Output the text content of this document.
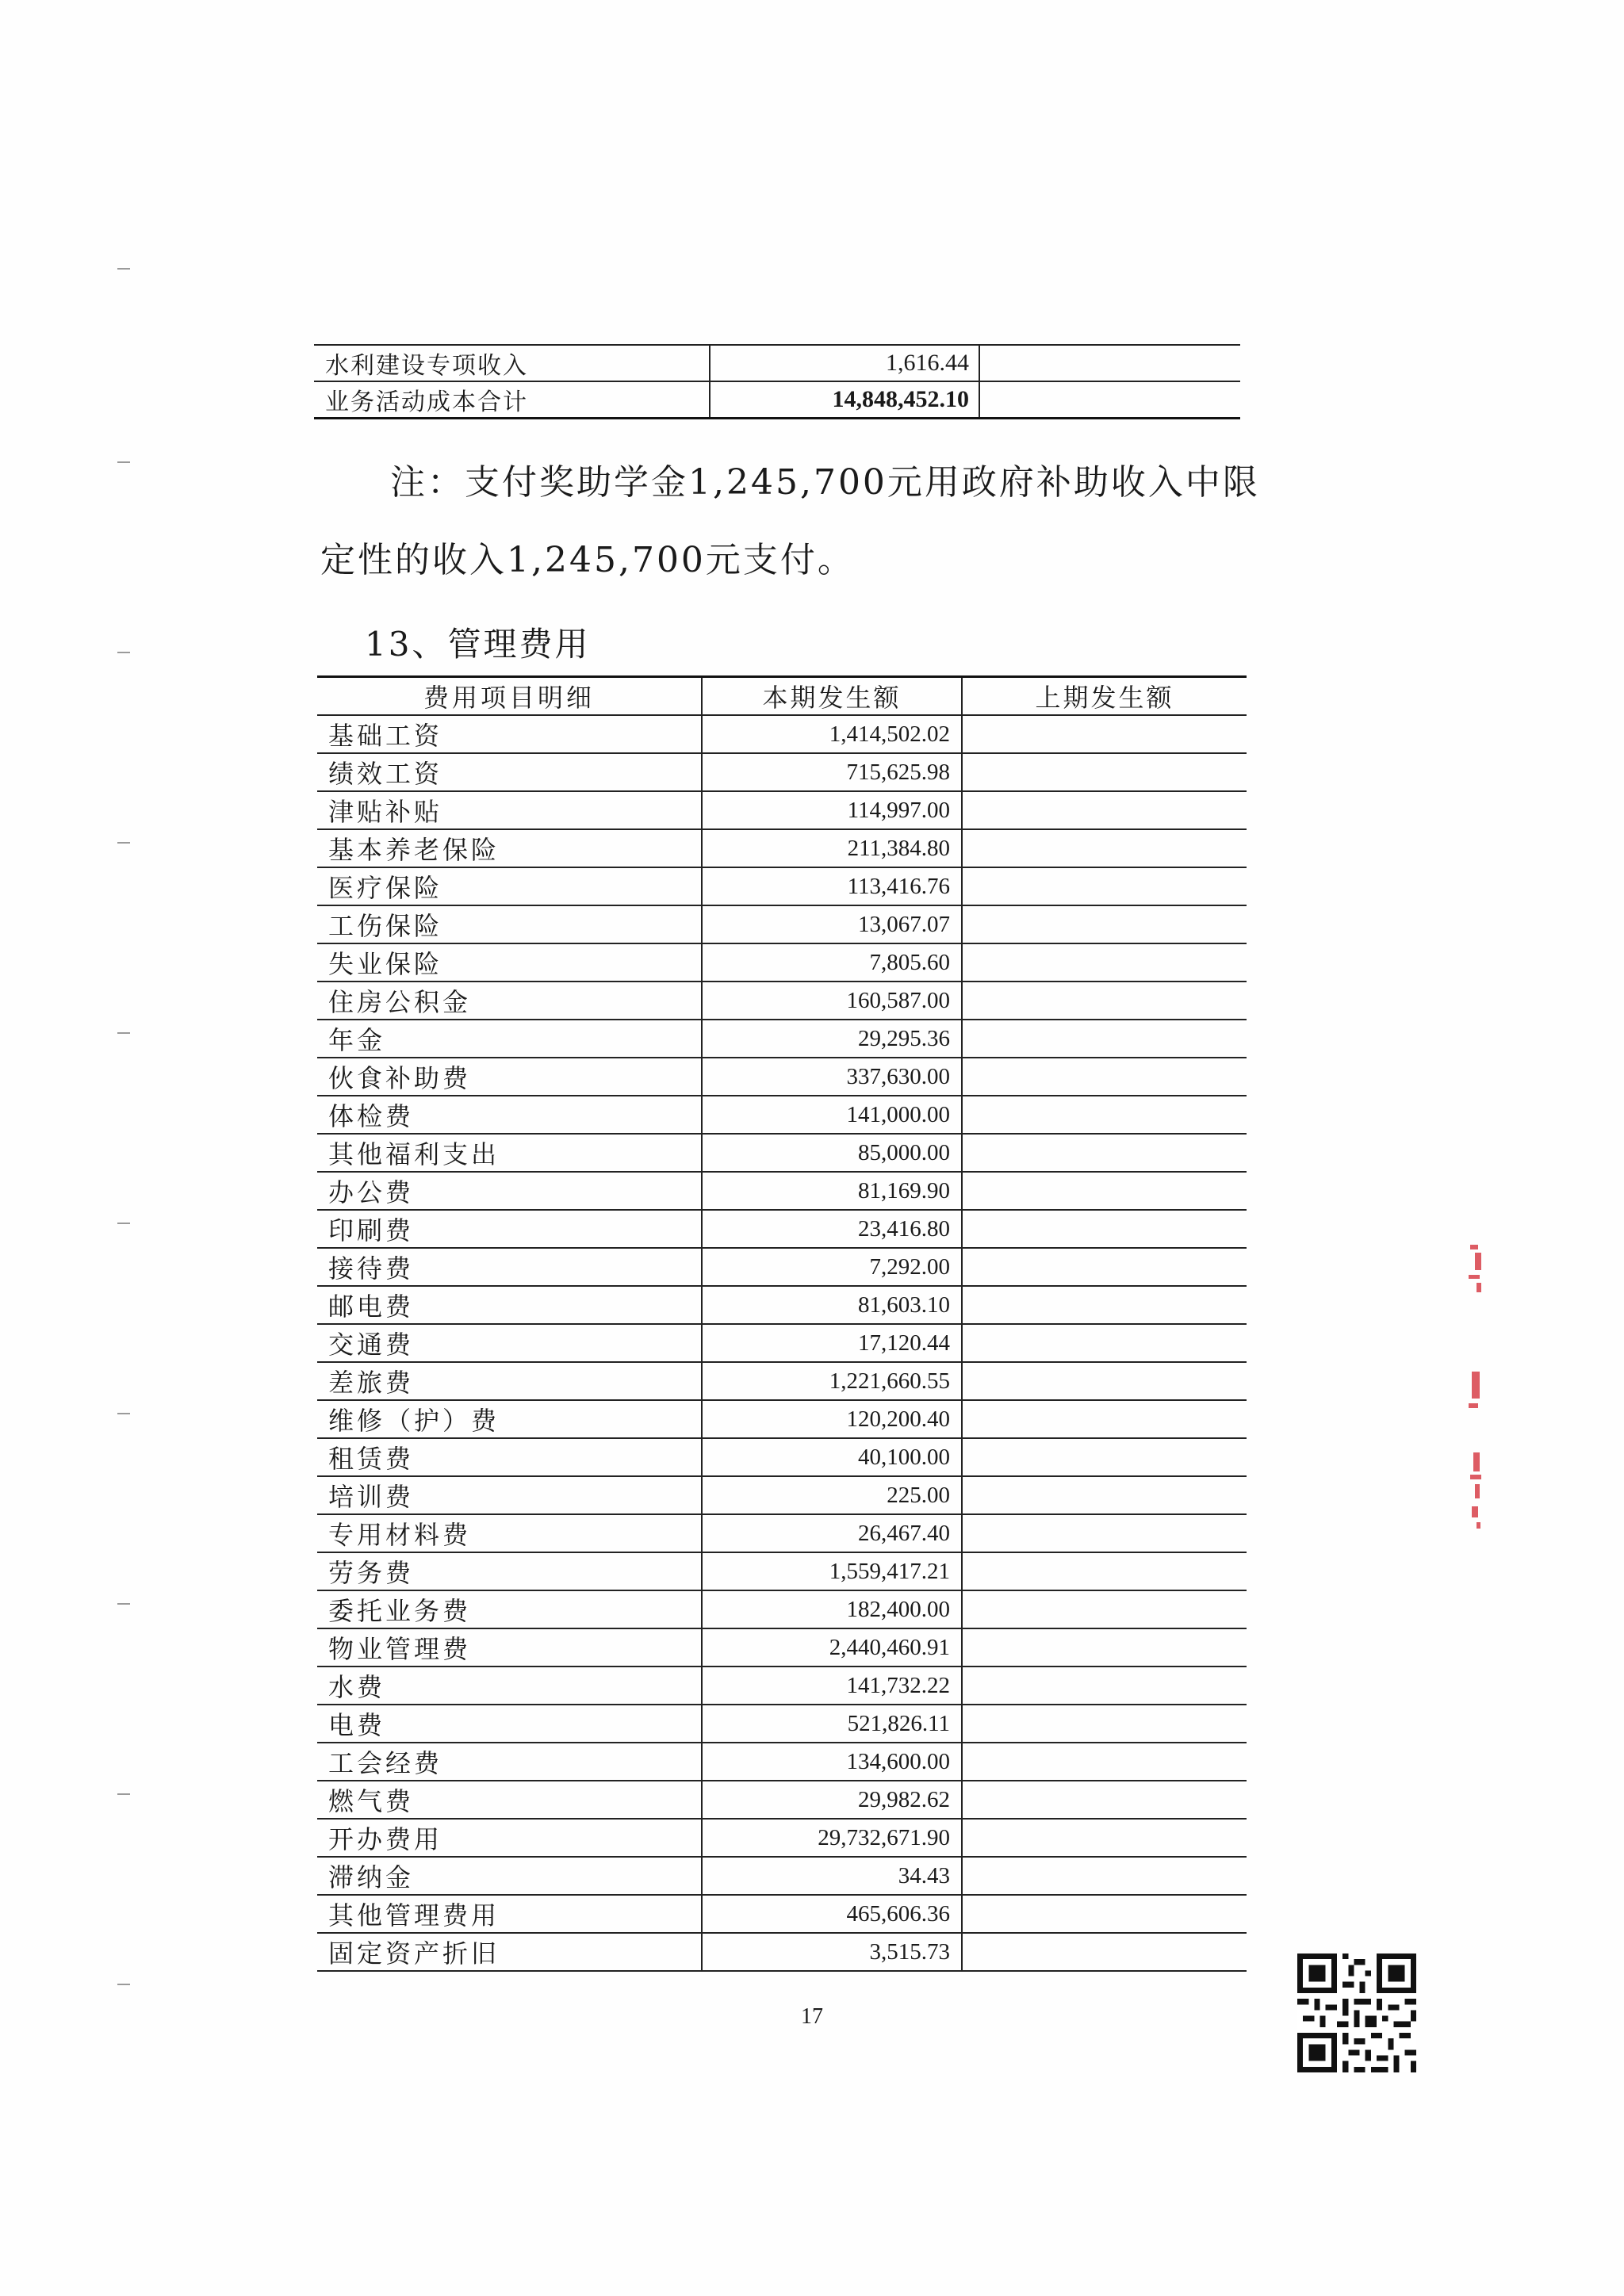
水利建设专项收入	1,616.44	
业务活动成本合计	14,848,452.10	

注：支付奖助学金1,245,700元用政府补助收入中限定性的收入1,245,700元支付。

13、管理费用
费用项目明细	本期发生额	上期发生额
基础工资	1,414,502.02	
绩效工资	715,625.98	
津贴补贴	114,997.00	
基本养老保险	211,384.80	
医疗保险	113,416.76	
工伤保险	13,067.07	
失业保险	7,805.60	
住房公积金	160,587.00	
年金	29,295.36	
伙食补助费	337,630.00	
体检费	141,000.00	
其他福利支出	85,000.00	
办公费	81,169.90	
印刷费	23,416.80	
接待费	7,292.00	
邮电费	81,603.10	
交通费	17,120.44	
差旅费	1,221,660.55	
维修（护）费	120,200.40	
租赁费	40,100.00	
培训费	225.00	
专用材料费	26,467.40	
劳务费	1,559,417.21	
委托业务费	182,400.00	
物业管理费	2,440,460.91	
水费	141,732.22	
电费	521,826.11	
工会经费	134,600.00	
燃气费	29,982.62	
开办费用	29,732,671.90	
滞纳金	34.43	
其他管理费用	465,606.36	
固定资产折旧	3,515.73	
17
